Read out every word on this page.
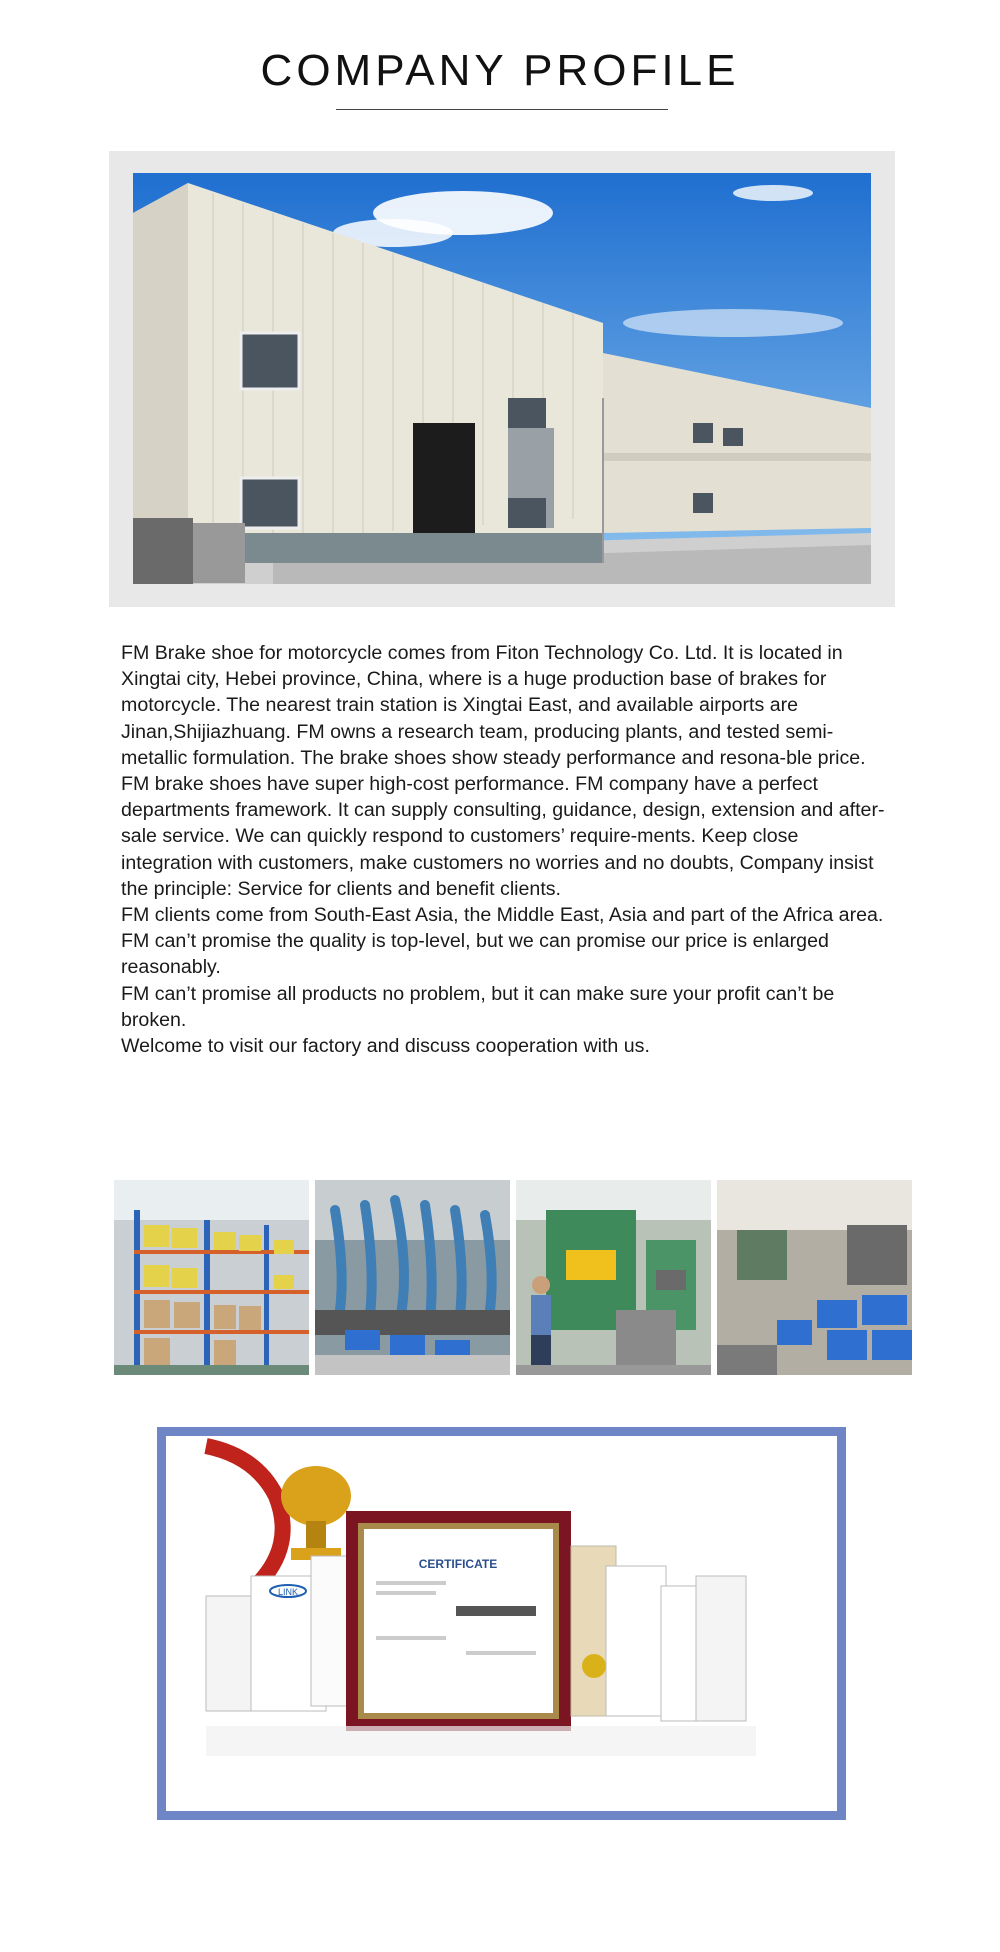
COMPANY PROFILE

FM Brake shoe for motorcycle comes from Fiton Technology Co. Ltd. It is located in Xingtai city, Hebei province, China, where is a huge production base of brakes for motorcycle. The nearest train station is Xingtai East, and available airports are Jinan,Shijiazhuang. FM owns a research team, producing plants, and tested semi-metallic formulation. The brake shoes show steady performance and resona-ble price. FM brake shoes have super high-cost performance. FM company have a perfect departments framework. It can supply consulting, guidance, design, extension and after-sale service. We can quickly respond to customers’ require-ments. Keep close integration with customers, make customers no worries and no doubts, Company insist the principle: Service for clients and benefit clients.

FM clients come from South-East Asia, the Middle East, Asia and part of the Africa area.

FM can’t promise the quality is top-level, but we can promise our price is enlarged reasonably.

FM can’t promise all products no problem, but it can make sure your profit can’t be broken.

Welcome to visit our factory and discuss cooperation with us.

LINK
CERTIFICATE
